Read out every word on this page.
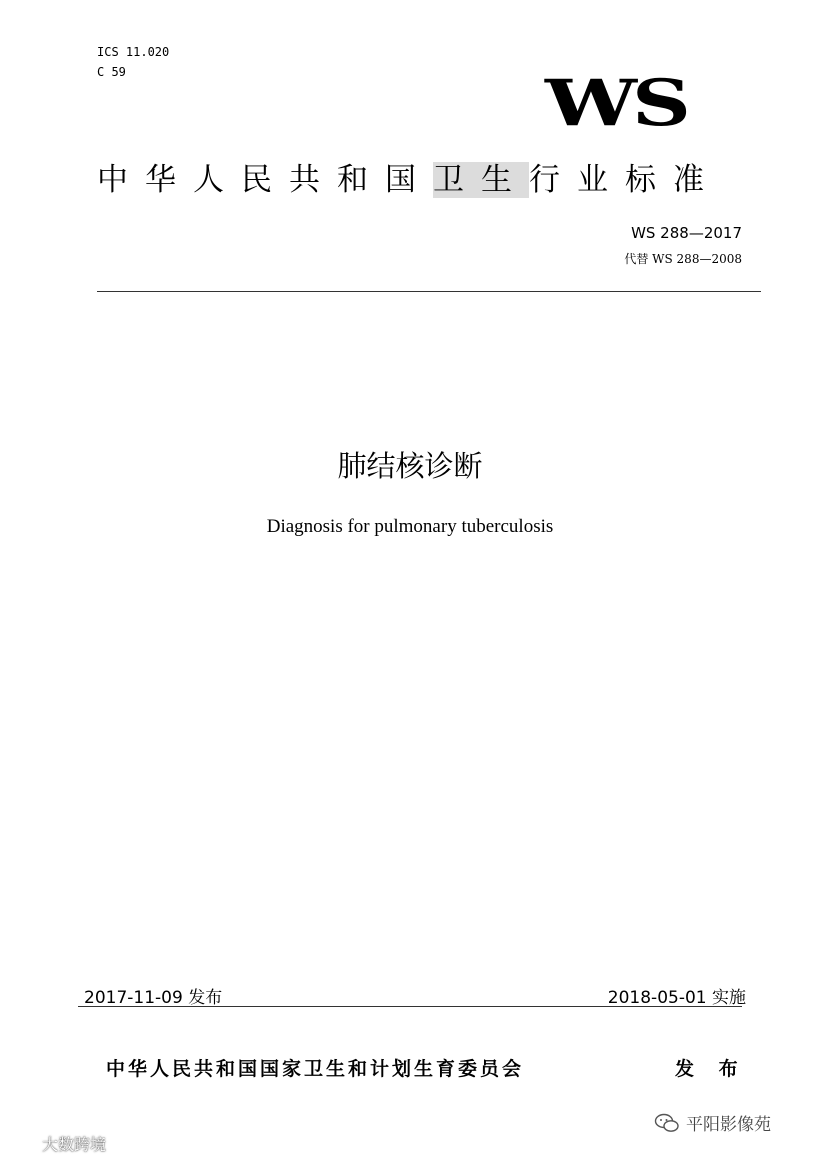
ICS 11.020
C 59	WS
中华人民共和国卫生行业标准
WS 288—2017
代替 WS 288—2008
肺结核诊断
Diagnosis for pulmonary tuberculosis
2017-11-09 发布	2018-05-01 实施
中华人民共和国国家卫生和计划生育委员会	发 布
平阳影像苑
大数跨境
